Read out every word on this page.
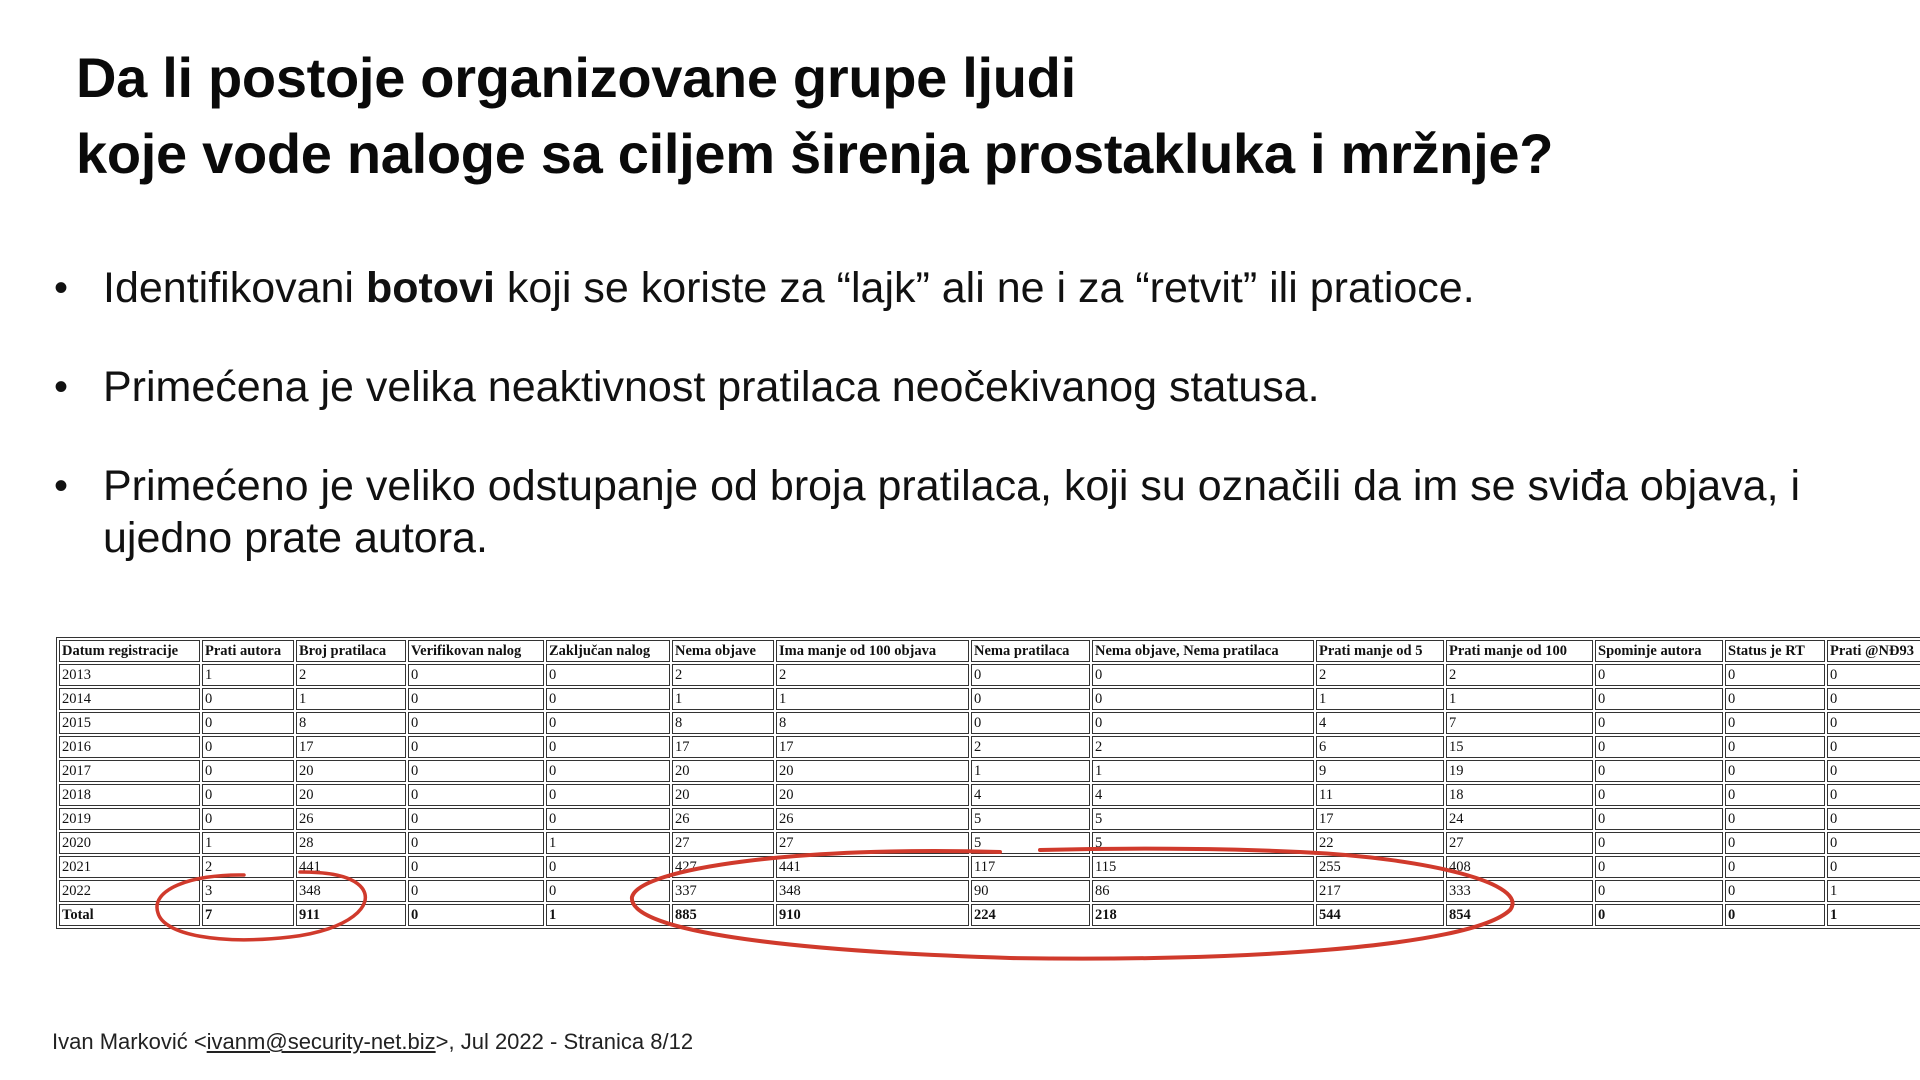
Da li postoje organizovane grupe ljudi
koje vode naloge sa ciljem širenja prostakluka i mržnje?
• Identifikovani botovi koji se koriste za “lajk” ali ne i za “retvit” ili pratioce.
• Primećena je velika neaktivnost pratilaca neočekivanog statusa.
• Primećeno je veliko odstupanje od broja pratilaca, koji su označili da im se sviđa objava, i ujedno prate autora.
Datum registracije	Prati autora	Broj pratilaca	Verifikovan nalog	Zaključan nalog	Nema objave	Ima manje od 100 objava	Nema pratilaca	Nema objave, Nema pratilaca	Prati manje od 5	Prati manje od 100	Spominje autora	Status je RT	Prati @NĐ93
2013	1	2	0	0	2	2	0	0	2	2	0	0	0
2014	0	1	0	0	1	1	0	0	1	1	0	0	0
2015	0	8	0	0	8	8	0	0	4	7	0	0	0
2016	0	17	0	0	17	17	2	2	6	15	0	0	0
2017	0	20	0	0	20	20	1	1	9	19	0	0	0
2018	0	20	0	0	20	20	4	4	11	18	0	0	0
2019	0	26	0	0	26	26	5	5	17	24	0	0	0
2020	1	28	0	1	27	27	5	5	22	27	0	0	0
2021	2	441	0	0	427	441	117	115	255	408	0	0	0
2022	3	348	0	0	337	348	90	86	217	333	0	0	1
Total	7	911	0	1	885	910	224	218	544	854	0	0	1
Ivan Marković <ivanm@security-net.biz>, Jul 2022 - Stranica 8/12
